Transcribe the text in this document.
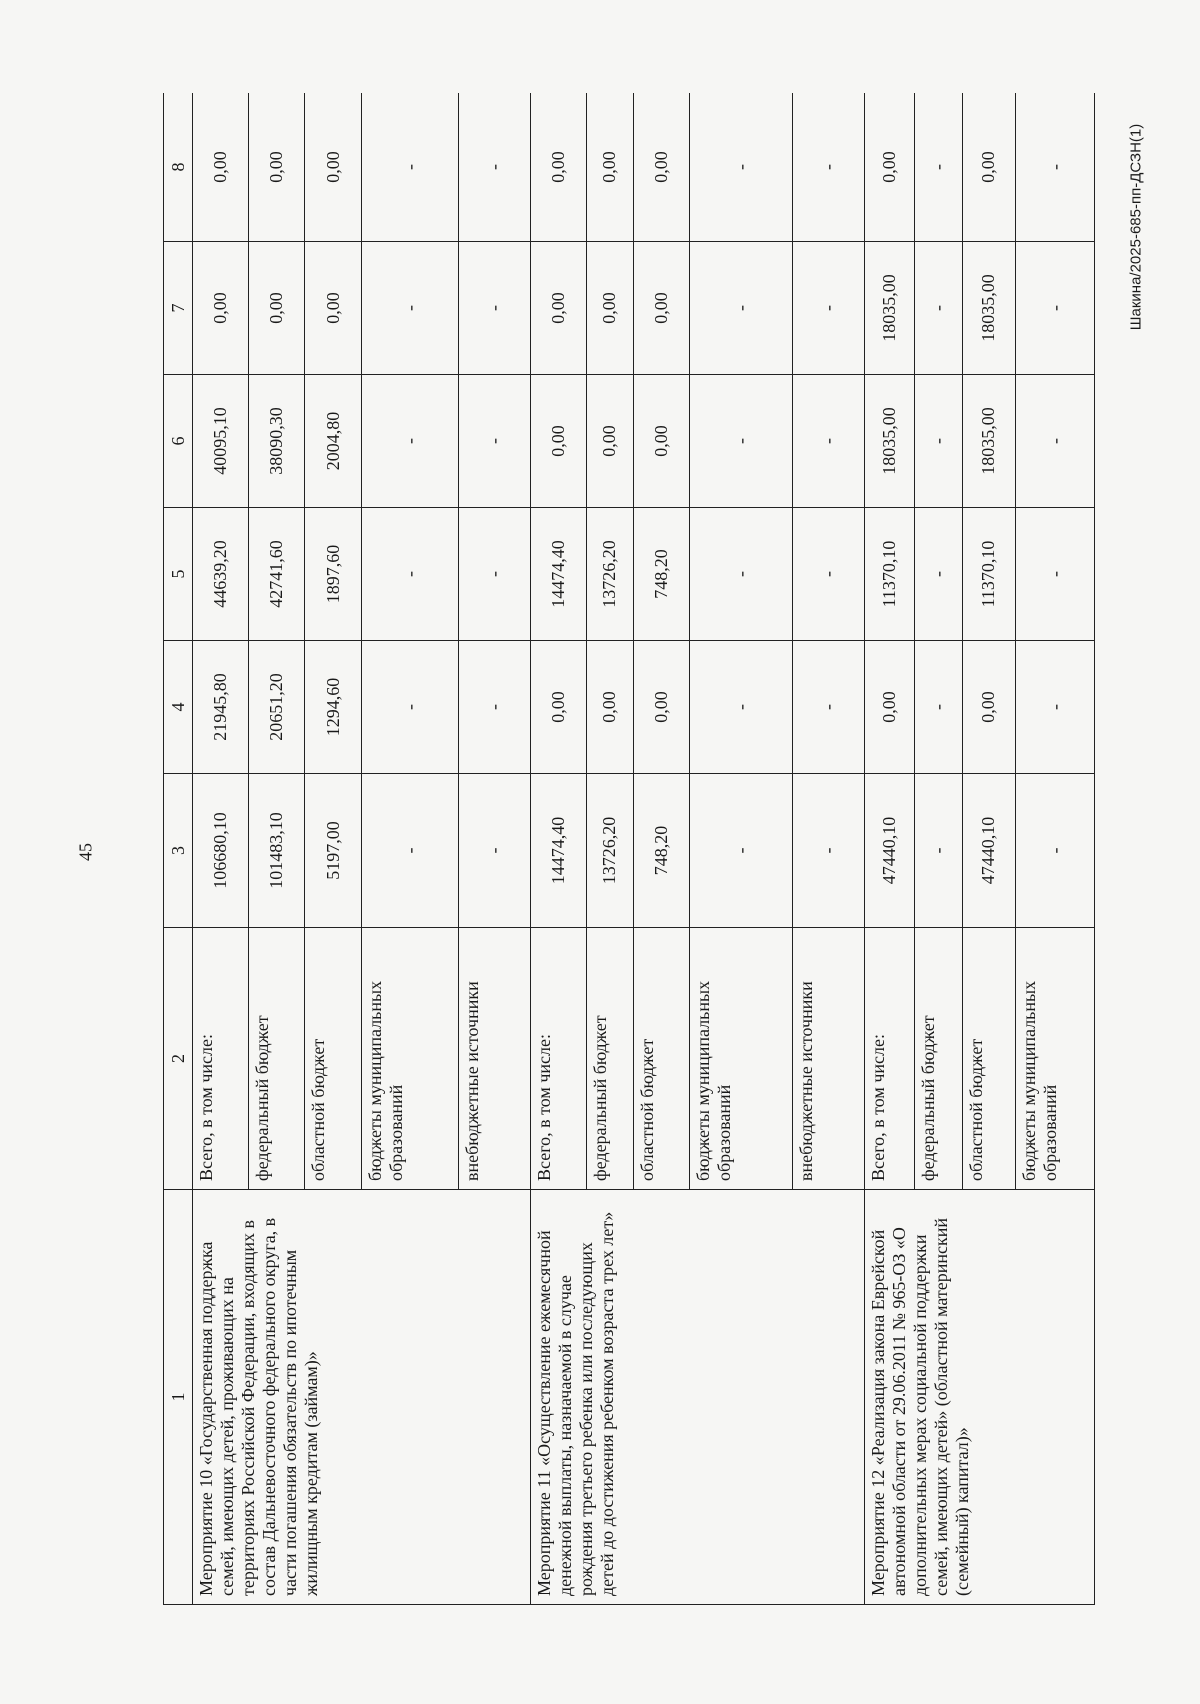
45
Шакина/2025-685-пп-ДСЗН(1)
1	2	3	4	5	6	7	8
Мероприятие 10 «Государственная поддержка семей, имеющих детей, проживающих на территориях Российской Федерации, входящих в состав Дальневосточного федерального округа, в части погашения обязательств по ипотечным жилищным кредитам (займам)»	Всего, в том числе:	106680,10	21945,80	44639,20	40095,10	0,00	0,00
	федеральный бюджет	101483,10	20651,20	42741,60	38090,30	0,00	0,00
	областной бюджет	5197,00	1294,60	1897,60	2004,80	0,00	0,00
	бюджеты муниципальных образований	-	-	-	-	-	-
	внебюджетные источники	-	-	-	-	-	-
Мероприятие 11 «Осуществление ежемесячной денежной выплаты, назначаемой в случае рождения третьего ребенка или последующих детей до достижения ребенком возраста трех лет»	Всего, в том числе:	14474,40	0,00	14474,40	0,00	0,00	0,00
	федеральный бюджет	13726,20	0,00	13726,20	0,00	0,00	0,00
	областной бюджет	748,20	0,00	748,20	0,00	0,00	0,00
	бюджеты муниципальных образований	-	-	-	-	-	-
	внебюджетные источники	-	-	-	-	-	-
Мероприятие 12 «Реализация закона Еврейской автономной области от 29.06.2011 № 965-ОЗ «О дополнительных мерах социальной поддержки семей, имеющих детей» (областной материнский (семейный) капитал)»	Всего, в том числе:	47440,10	0,00	11370,10	18035,00	18035,00	0,00
	федеральный бюджет	-	-	-	-	-	-
	областной бюджет	47440,10	0,00	11370,10	18035,00	18035,00	0,00
	бюджеты муниципальных образований	-	-	-	-	-	-
